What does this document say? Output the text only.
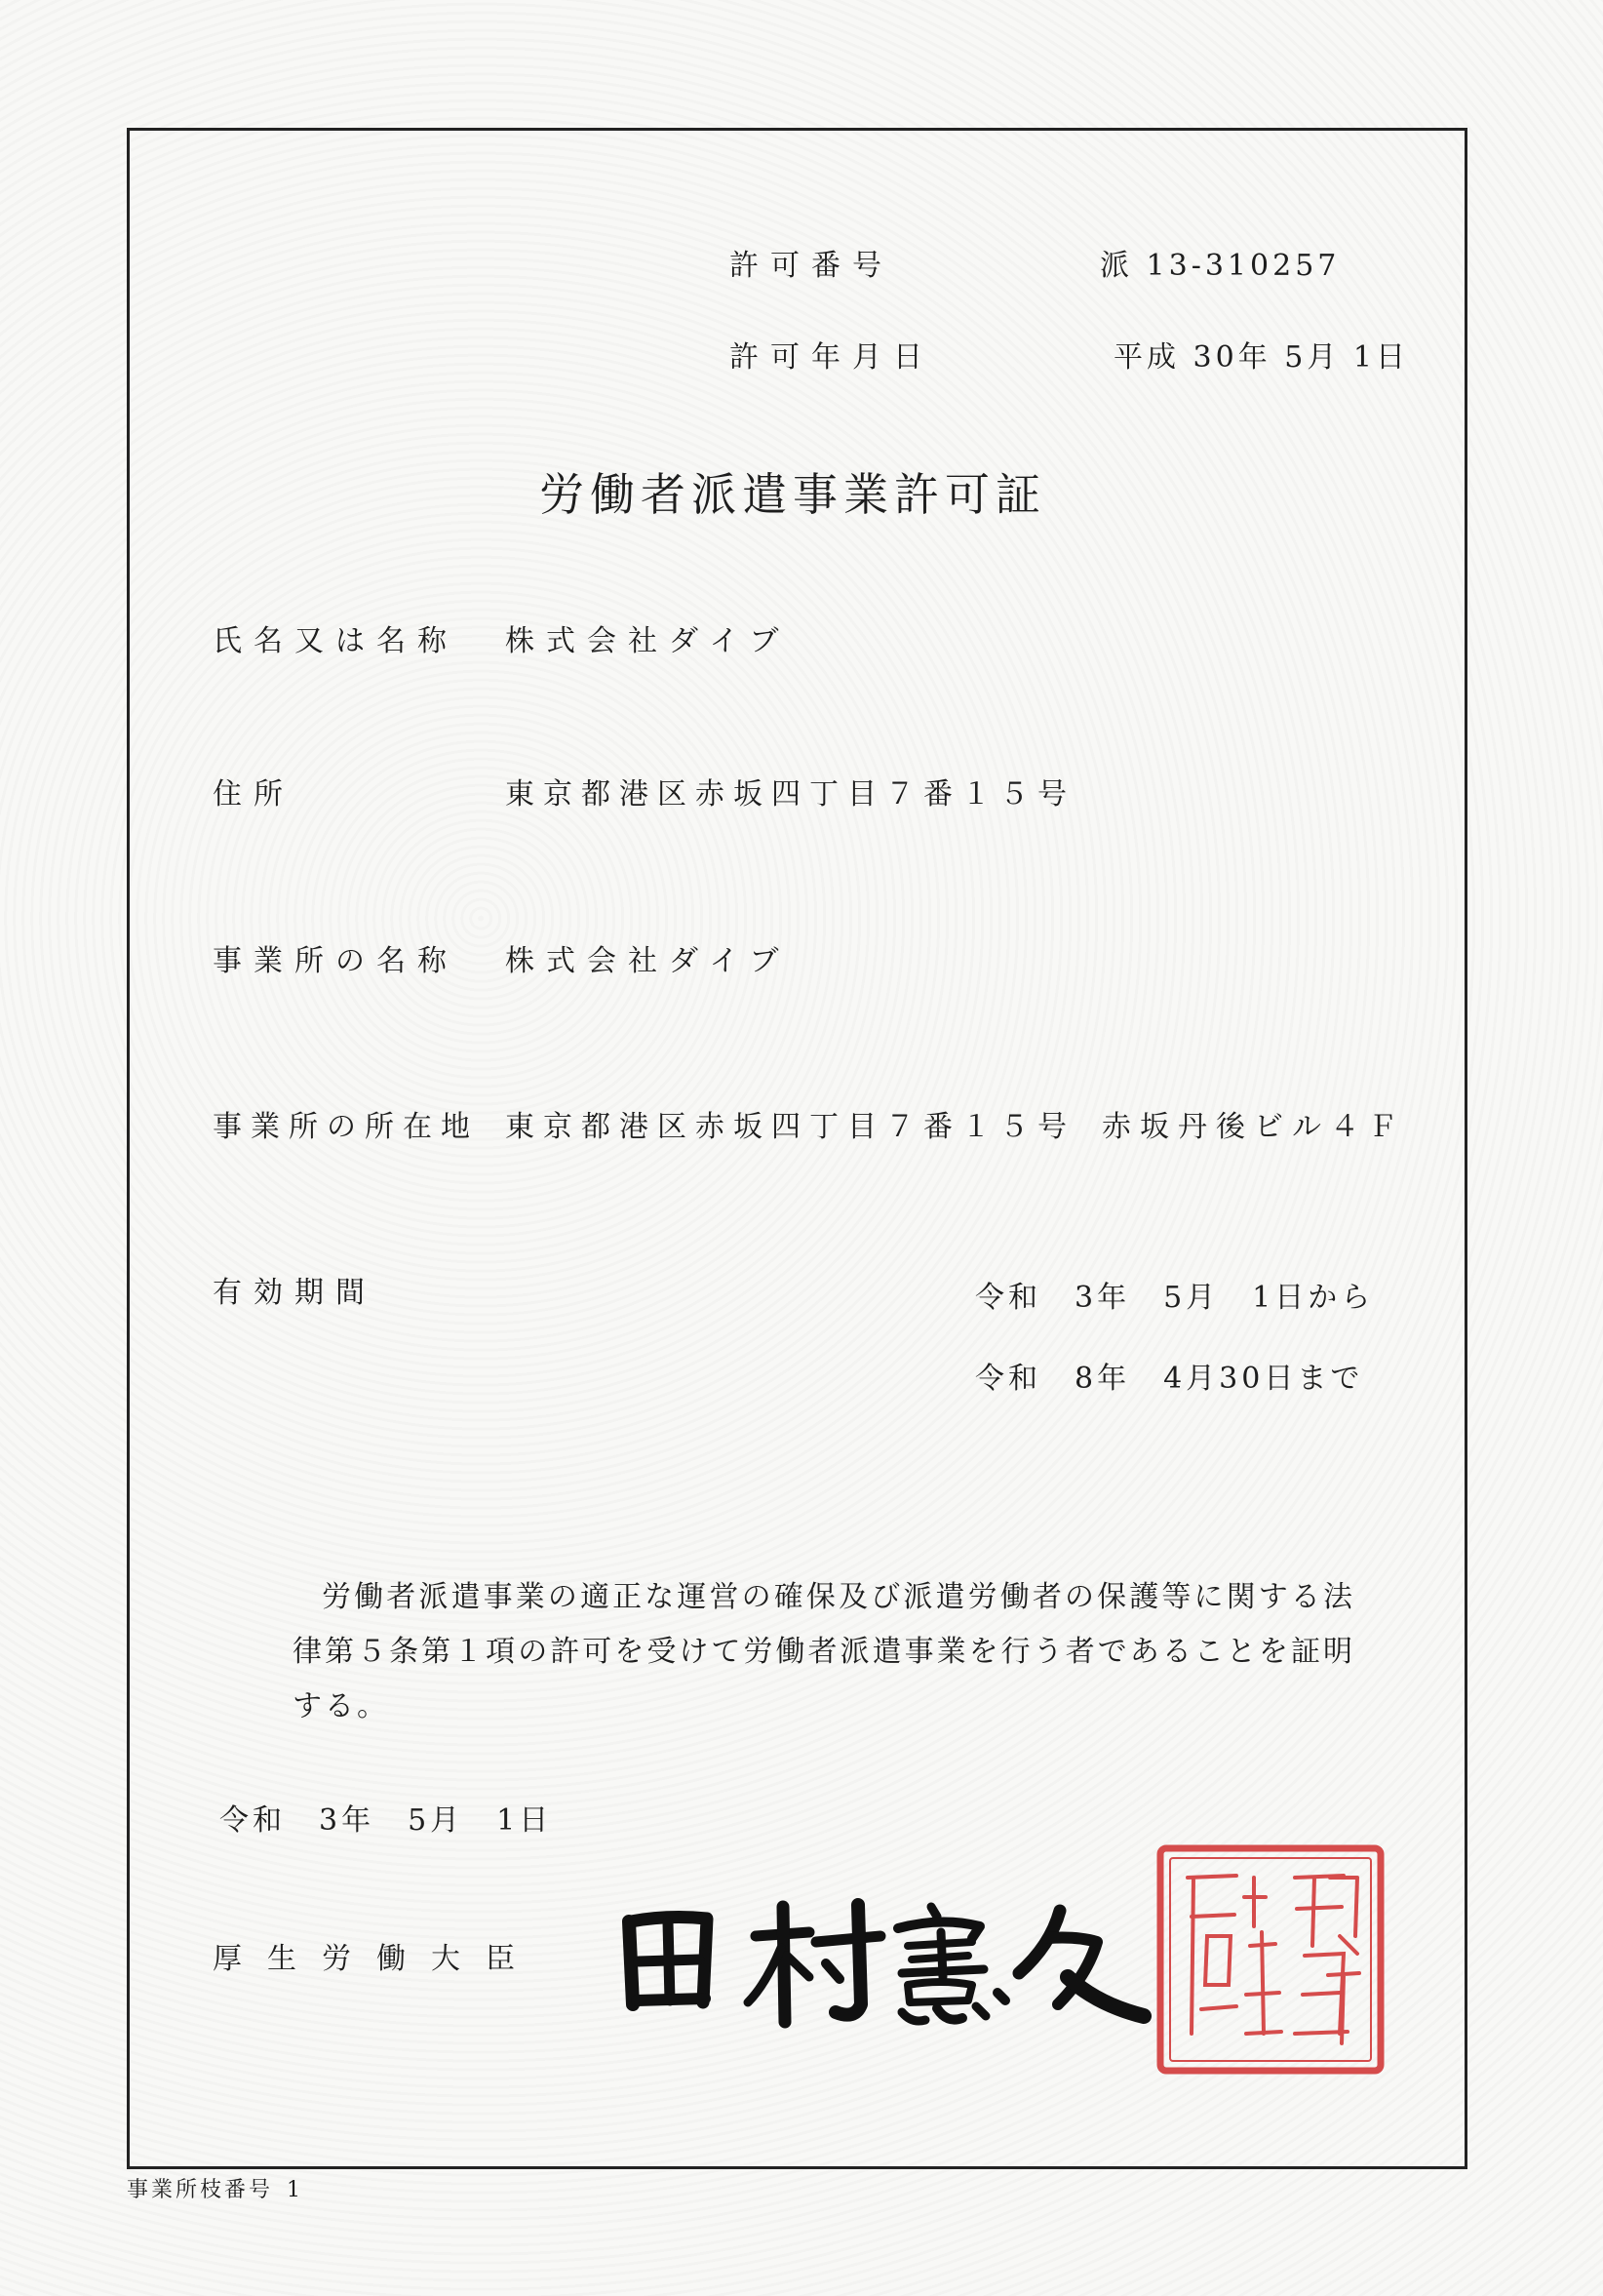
許可番号	派 13-310257
許可年月日	平成 30年 5月 1日
労働者派遣事業許可証
氏名又は名称 株式会社ダイブ
住所	東京都港区赤坂四丁目７番１５号
事業所の名称 株式会社ダイブ
事業所の所在地 東京都港区赤坂四丁目７番１５号 赤坂丹後ビル４Ｆ
有効期間	令和　3年　5月　1日から
令和　8年　4月30日まで
労働者派遣事業の適正な運営の確保及び派遣労働者の保護等に関する法律第５条第１項の許可を受けて労働者派遣事業を行う者であることを証明する。
令和　3年　5月　1日
厚生労働大臣
事業所枝番号 1
